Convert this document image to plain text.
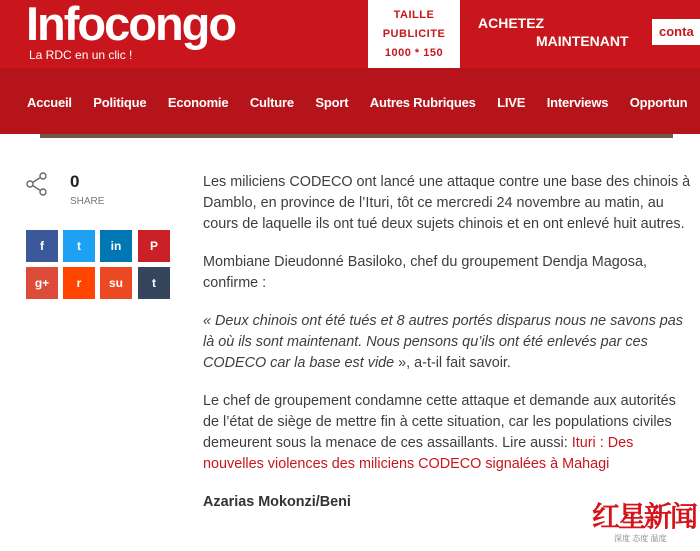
Infocongo
La RDC en un clic !
TAILLE
PUBLICITE
1000 * 150
ACHETEZ
MAINTENANT
conta
Accueil Politique Economie Culture Sport Autres Rubriques LIVE Interviews Opportun
0
SHARE
f	t	in	P
g+	r	su	t

Les miliciens CODECO ont lancé une attaque contre une base des chinois à Damblo, en province de l’Ituri, tôt ce mercredi 24 novembre au matin, au cours de laquelle ils ont tué deux sujets chinois et en ont enlevé huit autres.

Mombiane Dieudonné Basiloko, chef du groupement Dendja Magosa, confirme :

« Deux chinois ont été tués et 8 autres portés disparus nous ne savons pas là où ils sont maintenant. Nous pensons qu’ils ont été enlevés par ces CODECO car la base est vide », a-t-il fait savoir.

Le chef de groupement condamne cette attaque et demande aux autorités de l’état de siège de mettre fin à cette situation, car les populations civiles demeurent sous la menace de ces assaillants. Lire aussi: Ituri : Des nouvelles violences des miliciens CODECO signalées à Mahagi

Azarias Mokonzi/Beni	红星新闻
深度 态度 温度
